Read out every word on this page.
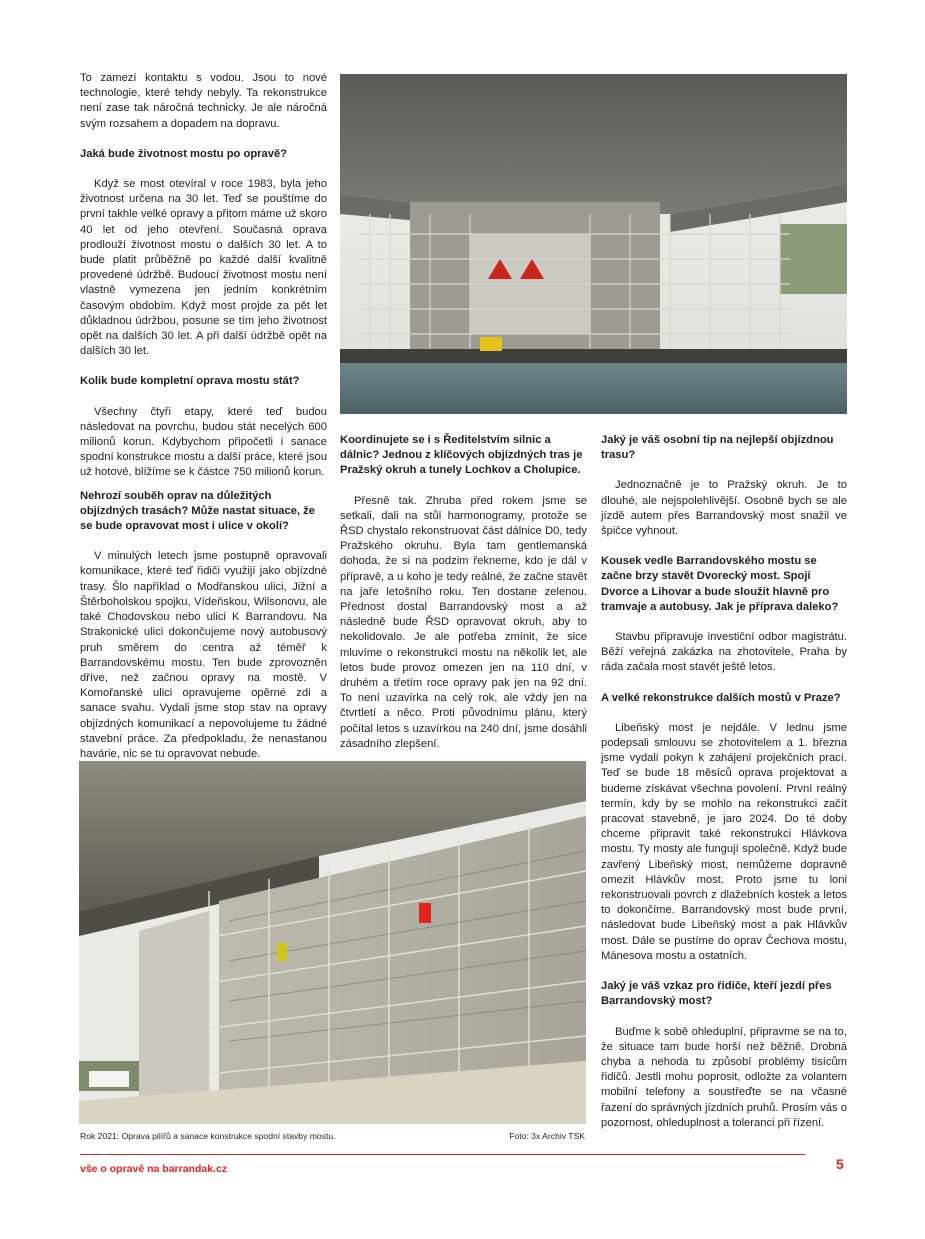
To zamezí kontaktu s vodou. Jsou to nové technologie, které tehdy nebyly. Ta rekonstrukce není zase tak náročná technicky. Je ale náročná svým rozsahem a dopadem na dopravu.

Jaká bude životnost mostu po opravě?

Když se most otevíral v roce 1983, byla jeho životnost určena na 30 let. Teď se pouštíme do první takhle velké opravy a přitom máme už skoro 40 let od jeho otevření. Současná oprava prodlouží životnost mostu o dalších 30 let. A to bude platit průběžně po každé další kvalitně provedené údržbě. Budoucí životnost mostu není vlastně vymezena jen jedním konkrétním časovým obdobím. Když most projde za pět let důkladnou údržbou, posune se tím jeho životnost opět na dalších 30 let. A při další údržbě opět na dalších 30 let.

Kolik bude kompletní oprava mostu stát?

Všechny čtyři etapy, které teď budou následovat na povrchu, budou stát necelých 600 milionů korun. Kdybychom připočetli i sanace spodní konstrukce mostu a další práce, které jsou už hotové, blížíme se k částce 750 milionů korun.

Nehrozí souběh oprav na důležitých objízdných trasách? Může nastat situace, že se bude opravovat most i ulice v okolí?

V minulých letech jsme postupně opravovali komunikace, které teď řidiči využijí jako objízdné trasy. Šlo například o Modřanskou ulici, Jižní a Štěrboholskou spojku, Vídeňskou, Wilsonovu, ale také Chodovskou nebo ulici K Barrandovu. Na Strakonické ulici dokončujeme nový autobusový pruh směrem do centra až téměř k Barrandovskému mostu. Ten bude zprovozněn dříve, než začnou opravy na mostě. V Komořanské ulici opravujeme opěrné zdi a sanace svahu. Vydali jsme stop stav na opravy objízdných komunikací a nepovolujeme tu žádné stavební práce. Za předpokladu, že nenastanou havárie, nic se tu opravovat nebude.

Koordinujete se i s Ředitelstvím silnic a dálnic? Jednou z klíčových objízdných tras je Pražský okruh a tunely Lochkov a Cholupice.

Přesně tak. Zhruba před rokem jsme se setkali, dali na stůl harmonogramy, protože se ŘSD chystalo rekonstruovat část dálnice D0, tedy Pražského okruhu. Byla tam gentlemanská dohoda, že si na podzim řekneme, kdo je dál v přípravě, a u koho je tedy reálné, že začne stavět na jaře letošního roku. Ten dostane zelenou. Přednost dostal Barrandovský most a až následně bude ŘSD opravovat okruh, aby to nekolidovalo. Je ale potřeba zmínit, že sice mluvíme o rekonstrukci mostu na několik let, ale letos bude provoz omezen jen na 110 dní, v druhém a třetím roce opravy pak jen na 92 dní. To není uzavírka na celý rok, ale vždy jen na čtvrtletí a něco. Proti původnímu plánu, který počítal letos s uzavírkou na 240 dní, jsme dosáhli zásadního zlepšení.

Jaký je váš osobní tip na nejlepší objízdnou trasu?

Jednoznačně je to Pražský okruh. Je to dlouhé, ale nejspolehlivější. Osobně bych se ale jízdě autem přes Barrandovský most snažil ve špičce vyhnout.

Kousek vedle Barrandovského mostu se začne brzy stavět Dvorecký most. Spojí Dvorce a Lihovar a bude sloužit hlavně pro tramvaje a autobusy. Jak je příprava daleko?

Stavbu připravuje investiční odbor magistrátu. Běží veřejná zakázka na zhotovitele, Praha by ráda začala most stavět ještě letos.

A velké rekonstrukce dalších mostů v Praze?

Libeňský most je nejdále. V lednu jsme podepsali smlouvu se zhotovitelem a 1. března jsme vydali pokyn k zahájení projekčních prací. Teď se bude 18 měsíců oprava projektovat a budeme získávat všechna povolení. První reálný termín, kdy by se mohlo na rekonstrukci začít pracovat stavebně, je jaro 2024. Do té doby chceme připravit také rekonstrukci Hlávkova mostu. Ty mosty ale fungují společně. Když bude zavřený Libeňský most, nemůžeme dopravně omezit Hlávkův most. Proto jsme tu loni rekonstruovali povrch z dlažebních kostek a letos to dokončíme. Barrandovský most bude první, následovat bude Libeňský most a pak Hlávkův most. Dále se pustíme do oprav Čechova mostu, Mánesova mostu a ostatních.

Jaký je váš vzkaz pro řidiče, kteří jezdí přes Barrandovský most?

Buďme k sobě ohleduplní, připravme se na to, že situace tam bude horší než běžně. Drobná chyba a nehoda tu způsobí problémy tisícům řidičů. Jestli mohu poprosit, odložte za volantem mobilní telefony a soustřeďte se na včasné řazení do správných jízdních pruhů. Prosím vás o pozornost, ohleduplnost a toleranci při řízení.

Rok 2021: Oprava pilířů a sanace konstrukce spodní stavby mostu.	Foto: 3x Archiv TSK
vše o opravě na barrandak.cz	5
